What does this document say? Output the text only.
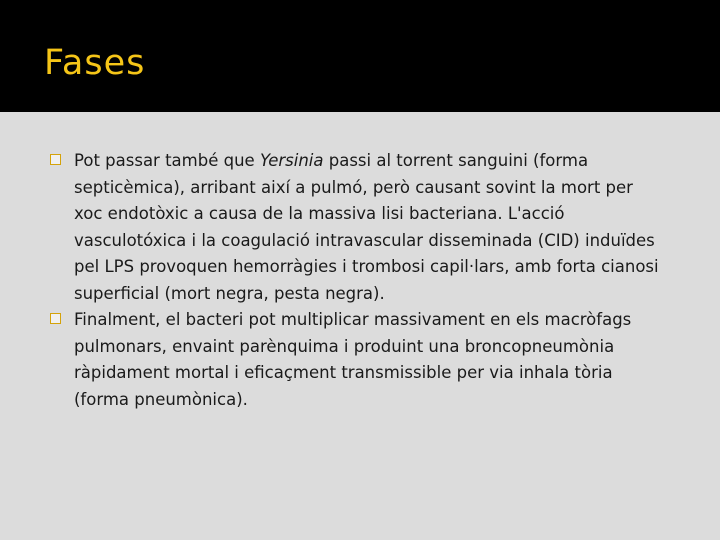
Fases
Pot passar també que Yersinia passi al torrent sanguini (forma septicèmica), arribant així a pulmó, però causant sovint la mort per xoc endotòxic a causa de la massiva lisi bacteriana. L'acció vasculotóxica i la coagulació intravascular disseminada (CID) induïdes pel LPS provoquen hemorràgies i trombosi capil·lars, amb forta cianosi superficial (mort negra, pesta negra).
Finalment, el bacteri pot multiplicar massivament en els macròfags pulmonars, envaint parènquima i produint una broncopneumònia ràpidament mortal i eficaçment transmissible per via inhala tòria (forma pneumònica).
